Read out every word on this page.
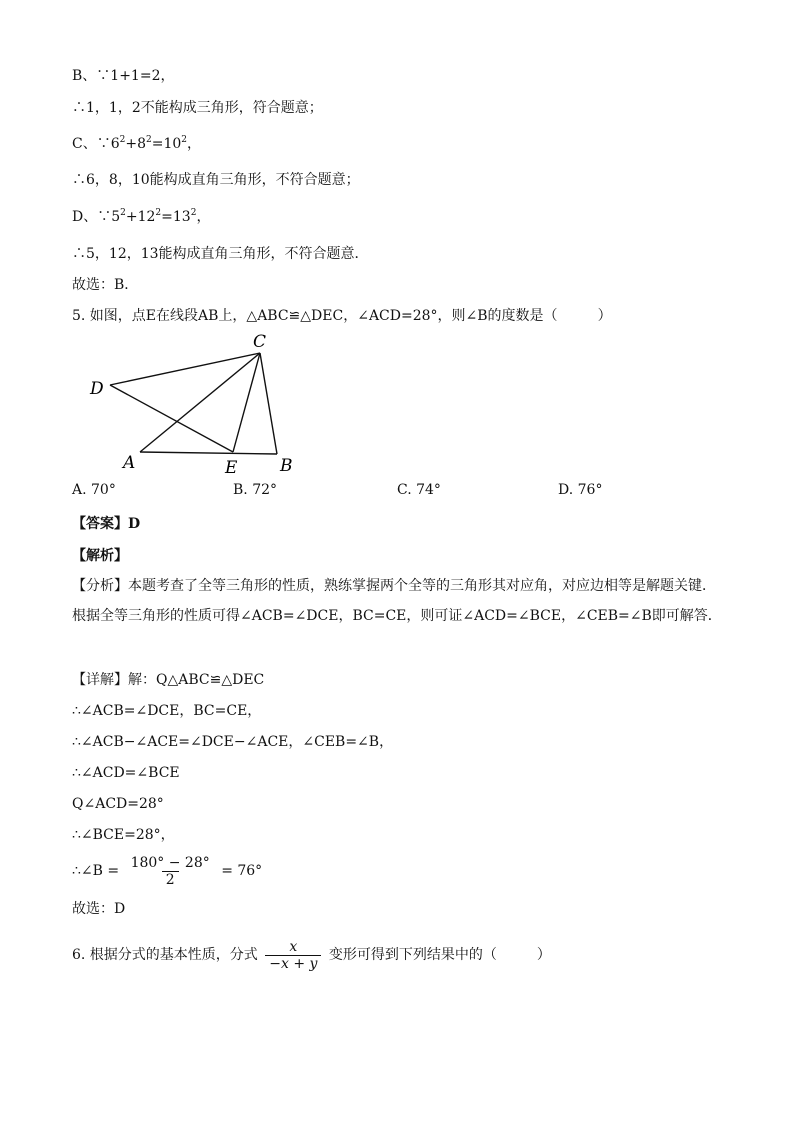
B、∵1+1=2，
∴1，1，2不能构成三角形，符合题意；
C、$\because 6^2+8^2=10^2$，
∴6，8，10能构成直角三角形，不符合题意；
D、$\because 5^2+12^2=13^2$，
∴5，12，13能构成直角三角形，不符合题意．
故选：B．
5. 如图，点E在线段AB上，△ABC≌△DEC，∠ACD=28°，则∠B的度数是（	）
C
D
A	E	B
A. 70°	B. 72°	C. 74°	D. 76°
【答案】D
【解析】
【分析】本题考查了全等三角形的性质，熟练掌握两个全等的三角形其对应角，对应边相等是解题关键．根据全等三角形的性质可得∠ACB=∠DCE，BC=CE，则可证∠ACD=∠BCE，∠CEB=∠B即可解答．
【详解】解：Q△ABC≌△DEC
∴∠ACB=∠DCE，BC=CE，
∴∠ACB−∠ACE=∠DCE−∠ACE，∠CEB=∠B，
∴∠ACD=∠BCE
Q∠ACD=28°
∴∠BCE=28°，
∴∠B = $\frac{180^\circ - 28^\circ}{2} = 76^\circ$
故选：D
6. 根据分式的基本性质，分式 $\frac{x}{-x + y}$ 变形可得到下列结果中的（	）
